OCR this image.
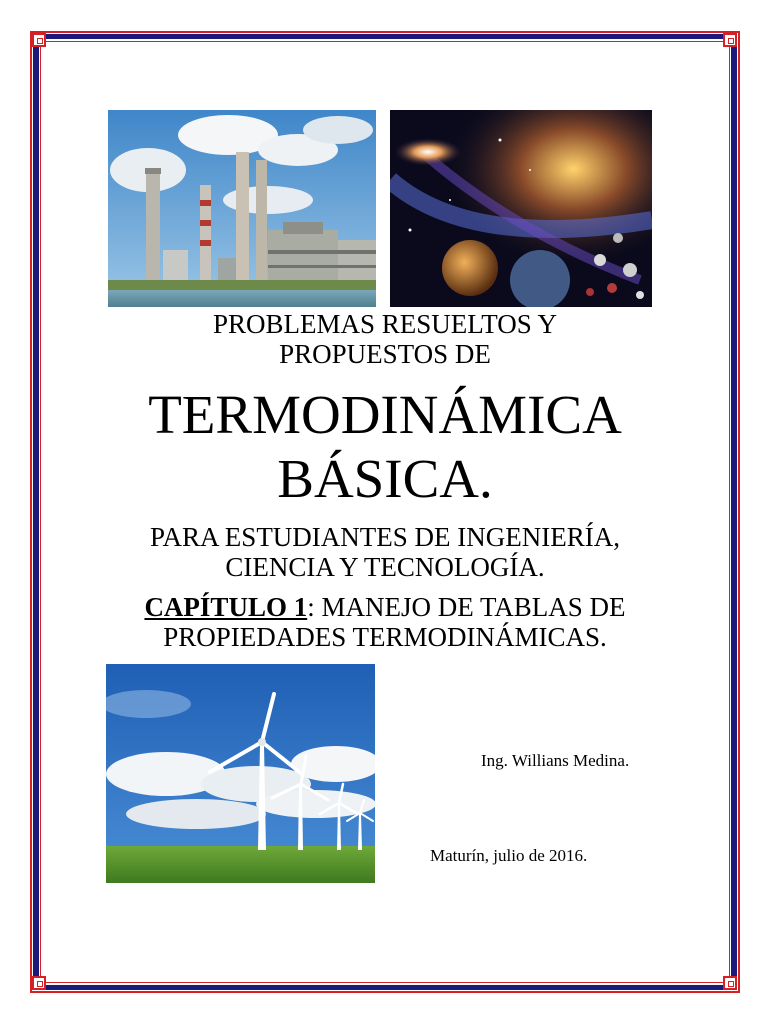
PROBLEMAS RESUELTOS Y
PROPUESTOS DE
TERMODINÁMICA
BÁSICA.
PARA ESTUDIANTES DE INGENIERÍA,
CIENCIA Y TECNOLOGÍA.
CAPÍTULO 1: MANEJO DE TABLAS DE
PROPIEDADES TERMODINÁMICAS.
Ing. Willians Medina.
Maturín, julio de 2016.
